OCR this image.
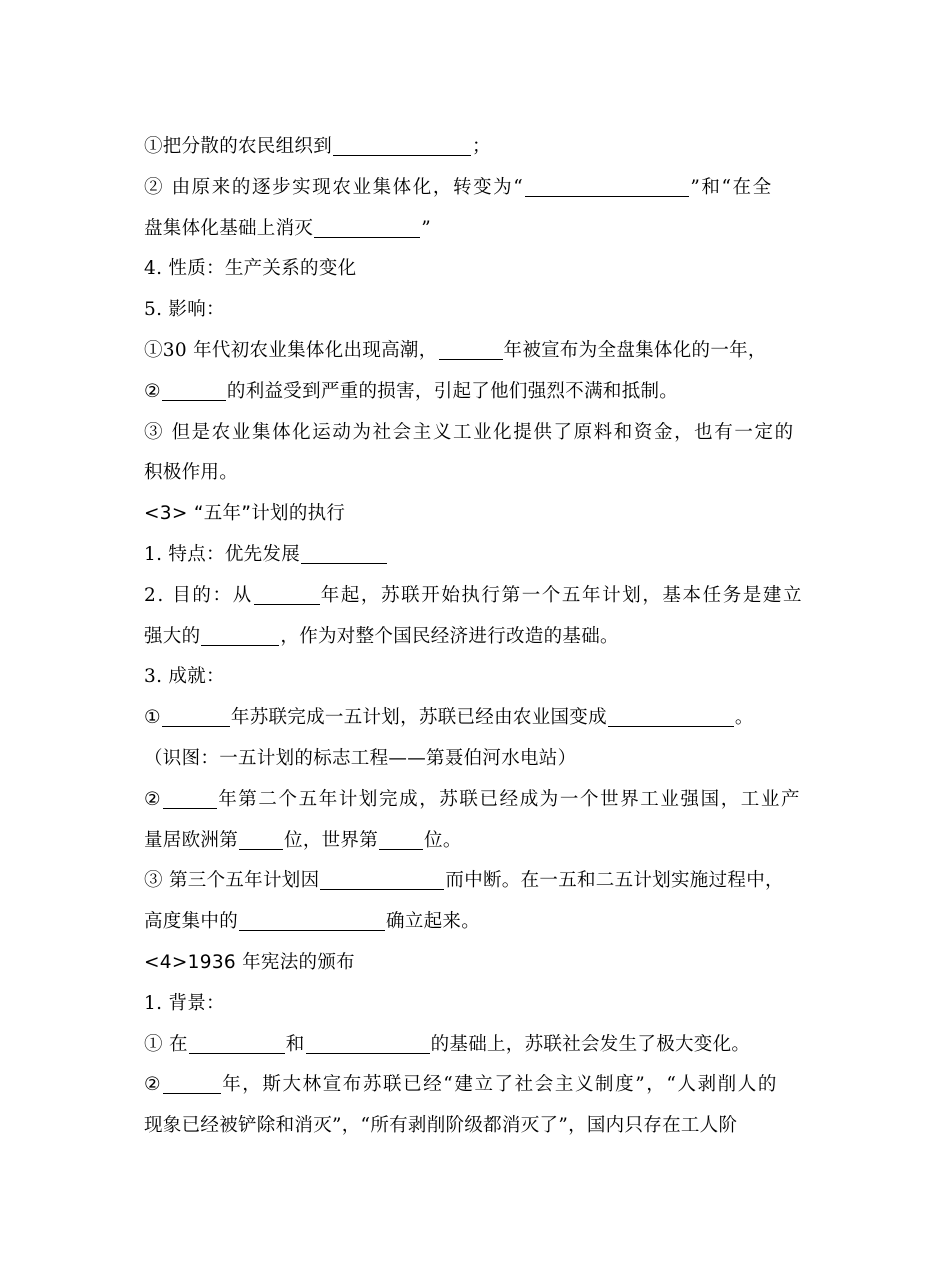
①把分散的农民组织到	；
② 由原来的逐步实现农业集体化，转变为“	”和“在全
盘集体化基础上消灭	”
4. 性质：生产关系的变化
5. 影响：
①30 年代初农业集体化出现高潮，	年被宣布为全盘集体化的一年，
②	的利益受到严重的损害，引起了他们强烈不满和抵制。
③ 但是农业集体化运动为社会主义工业化提供了原料和资金，也有一定的
积极作用。
<3> “五年”计划的执行
1. 特点：优先发展
2. 目的：从	年起，苏联开始执行第一个五年计划，基本任务是建立
强大的	，作为对整个国民经济进行改造的基础。
3. 成就：
①	年苏联完成一五计划，苏联已经由农业国变成	。
（识图：一五计划的标志工程——第聂伯河水电站）
②	年第二个五年计划完成，苏联已经成为一个世界工业强国，工业产
量居欧洲第 位，世界第 位。
③ 第三个五年计划因	而中断。在一五和二五计划实施过程中，
高度集中的	确立起来。
<4>1936 年宪法的颁布
1. 背景：
① 在	和	的基础上，苏联社会发生了极大变化。
②	年，斯大林宣布苏联已经“建立了社会主义制度”，“人剥削人的
现象已经被铲除和消灭”，“所有剥削阶级都消灭了”，国内只存在工人阶
